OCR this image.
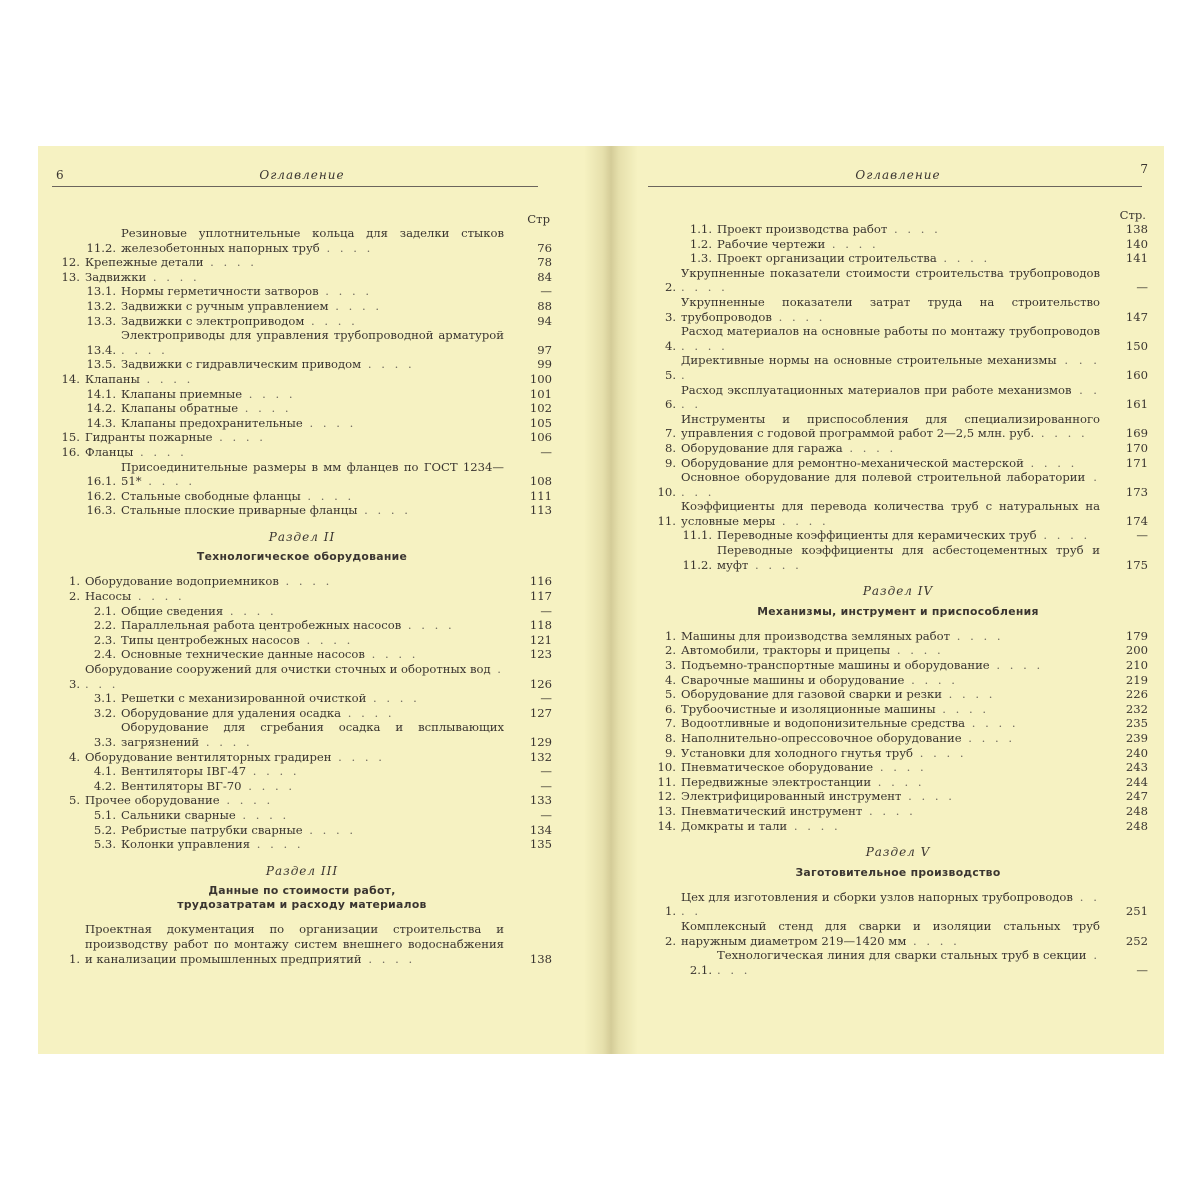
6	Оглавление
Стр
11.2.
Резиновые уплотнительные кольца для заделки стыков железобетонных напорных труб . . . .	76
12. Крепежные детали . . . .	78
13. Задвижки . . . .	84
13.1. Нормы герметичности затворов . . . .	—
13.2. Задвижки с ручным управлением . . . .	88
13.3. Задвижки с электроприводом . . . .	94
13.4.
Электроприводы для управления трубопроводной арматурой . . . .	97
13.5. Задвижки с гидравлическим приводом . . . .	99
14. Клапаны . . . .	100
14.1. Клапаны приемные . . . .	101
14.2. Клапаны обратные . . . .	102
14.3. Клапаны предохранительные . . . .	105
15. Гидранты пожарные . . . .	106
16. Фланцы . . . .	—
16.1.
Присоединительные размеры в мм фланцев по ГОСТ 1234—51* . . . .	108
16.2. Стальные свободные фланцы . . . .	111
16.3. Стальные плоские приварные фланцы . . . .	113
Раздел II
Технологическое оборудование
1. Оборудование водоприемников . . . .	116
2. Насосы . . . .	117
2.1. Общие сведения . . . .	—
2.2. Параллельная работа центробежных насосов . . . .	118
2.3. Типы центробежных насосов . . . .	121
2.4. Основные технические данные насосов . . . .	123
3.
Оборудование сооружений для очистки сточных и оборотных вод . . . .	126
3.1. Решетки с механизированной очисткой . . . .	—
3.2. Оборудование для удаления осадка . . . .	127
3.3.
Оборудование для сгребания осадка и всплывающих загрязнений . . . .	129
4. Оборудование вентиляторных градирен . . . .	132
4.1. Вентиляторы IВГ-47 . . . .	—
4.2. Вентиляторы ВГ-70 . . . .	—
5. Прочее оборудование . . . .	133
5.1. Сальники сварные . . . .	—
5.2. Ребристые патрубки сварные . . . .	134
5.3. Колонки управления . . . .	135
Раздел III
Данные по стоимости работ, трудозатратам и расходу материалов
1.
Проектная документация по организации строительства и производству работ по монтажу систем внешнего водоснабжения и канализации промышленных предприятий . . . .	138
Оглавление	7
Стр.
1.1. Проект производства работ . . . .	138
1.2. Рабочие чертежи . . . .	140
1.3. Проект организации строительства . . . .	141
2.
Укрупненные показатели стоимости строительства трубопроводов . . . .	—
3.
Укрупненные показатели затрат труда на строительство трубопроводов . . . .	147
4.
Расход материалов на основные работы по монтажу трубопроводов . . . .	150
5.
Директивные нормы на основные строительные механизмы . . . .	160
6.
Расход эксплуатационных материалов при работе механизмов . . . .	161
7.
Инструменты и приспособления для специализированного управления с годовой программой работ 2—2,5 млн. руб. . . . .	169
8. Оборудование для гаража . . . .	170
9. Оборудование для ремонтно-механической мастерской . . . .	171
10.
Основное оборудование для полевой строительной лаборатории . . . .	173
11.
Коэффициенты для перевода количества труб с натуральных на условные меры . . . .	174
11.1. Переводные коэффициенты для керамических труб . . . .	—
11.2.
Переводные коэффициенты для асбестоцементных труб и муфт . . . .	175
Раздел IV
Механизмы, инструмент и приспособления
1. Машины для производства земляных работ . . . .	179
2. Автомобили, тракторы и прицепы . . . .	200
3. Подъемно-транспортные машины и оборудование . . . .	210
4. Сварочные машины и оборудование . . . .	219
5. Оборудование для газовой сварки и резки . . . .	226
6. Трубоочистные и изоляционные машины . . . .	232
7. Водоотливные и водопонизительные средства . . . .	235
8. Наполнительно-опрессовочное оборудование . . . .	239
9. Установки для холодного гнутья труб . . . .	240
10. Пневматическое оборудование . . . .	243
11. Передвижные электростанции . . . .	244
12. Электрифицированный инструмент . . . .	247
13. Пневматический инструмент . . . .	248
14. Домкраты и тали . . . .	248
Раздел V
Заготовительное производство
1.
Цех для изготовления и сборки узлов напорных трубопроводов . . . .	251
2.
Комплексный стенд для сварки и изоляции стальных труб наружным диаметром 219—1420 мм . . . .	252
2.1.
Технологическая линия для сварки стальных труб в секции . . . .	—
